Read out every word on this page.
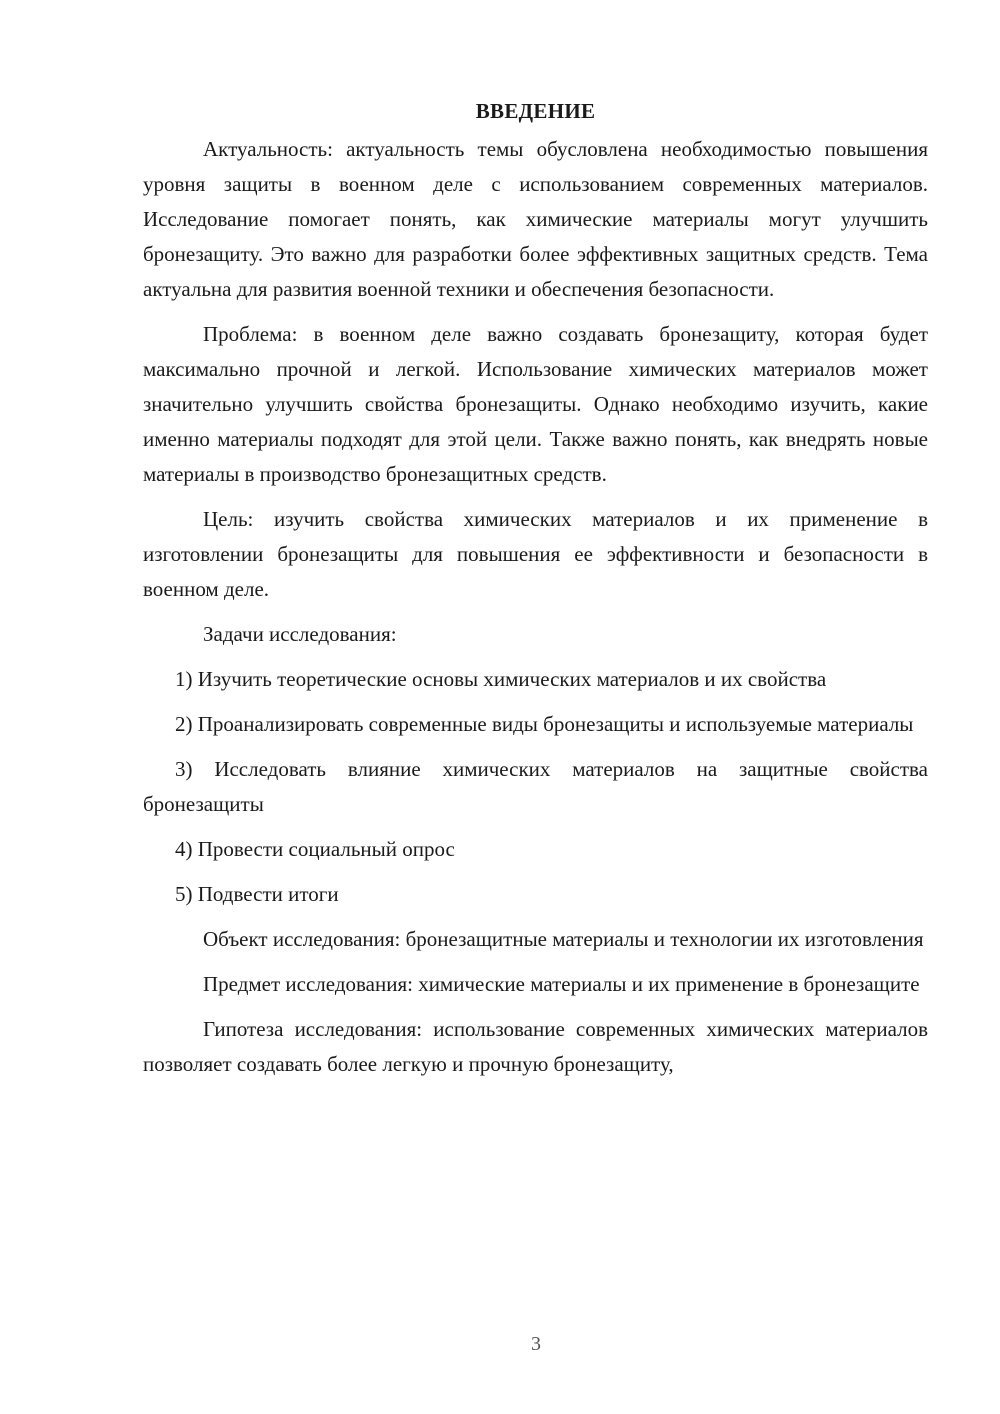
ВВЕДЕНИЕ

Актуальность: актуальность темы обусловлена необходимостью повышения уровня защиты в военном деле с использованием современных материалов. Исследование помогает понять, как химические материалы могут улучшить бронезащиту. Это важно для разработки более эффективных защитных средств. Тема актуальна для развития военной техники и обеспечения безопасности.

Проблема: в военном деле важно создавать бронезащиту, которая будет максимально прочной и легкой. Использование химических материалов может значительно улучшить свойства бронезащиты. Однако необходимо изучить, какие именно материалы подходят для этой цели. Также важно понять, как внедрять новые материалы в производство бронезащитных средств.

Цель: изучить свойства химических материалов и их применение в изготовлении бронезащиты для повышения ее эффективности и безопасности в военном деле.

Задачи исследования:

1) Изучить теоретические основы химических материалов и их свойства

2) Проанализировать современные виды бронезащиты и используемые материалы

3) Исследовать влияние химических материалов на защитные свойства бронезащиты

4) Провести социальный опрос

5) Подвести итоги

Объект исследования: бронезащитные материалы и технологии их изготовления

Предмет исследования: химические материалы и их применение в бронезащите

Гипотеза исследования: использование современных химических материалов позволяет создавать более легкую и прочную бронезащиту,

3
